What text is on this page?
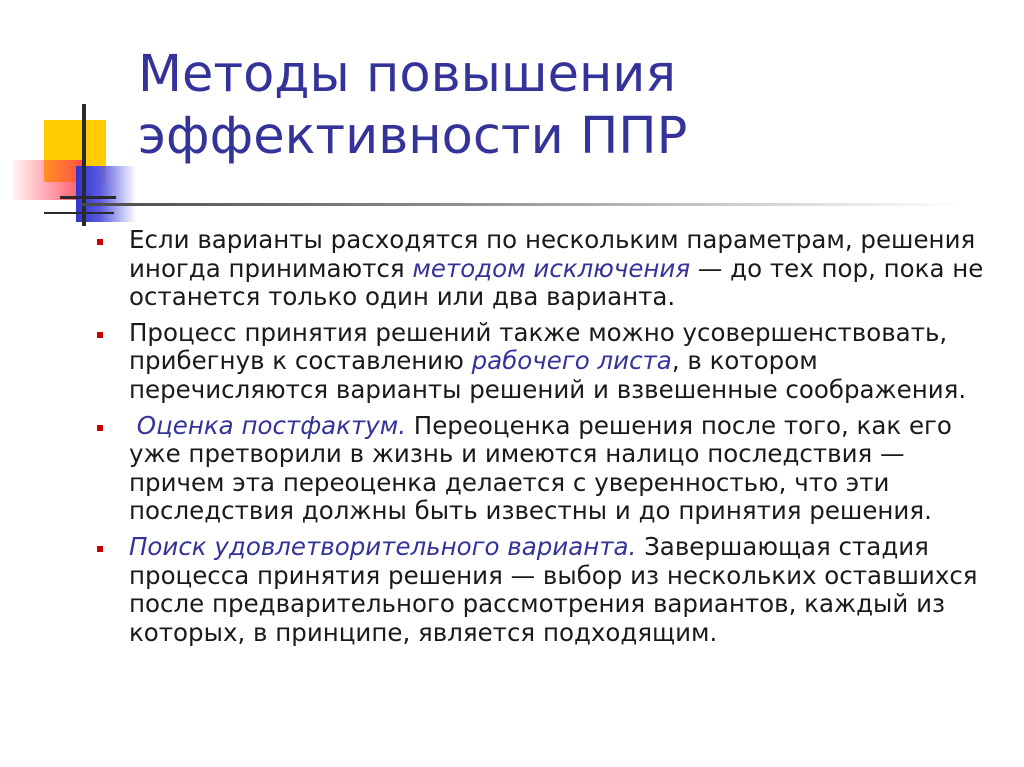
Методы повышения
эффективности ППР
Если варианты расходятся по нескольким параметрам, решения иногда принимаются методом исключения — до тех пор, пока не останется только один или два варианта.
Процесс принятия решений также можно усовершенствовать, прибегнув к составлению рабочего листа, в котором перечисляются варианты решений и взвешенные соображения.
Оценка постфактум. Переоценка решения после того, как его уже претворили в жизнь и имеются налицо последствия — причем эта переоценка делается с уверенностью, что эти последствия должны быть известны и до принятия решения.
Поиск удовлетворительного варианта. Завершающая стадия процесса принятия решения — выбор из нескольких оставшихся после предварительного рассмотрения вариантов, каждый из которых, в принципе, является подходящим.
